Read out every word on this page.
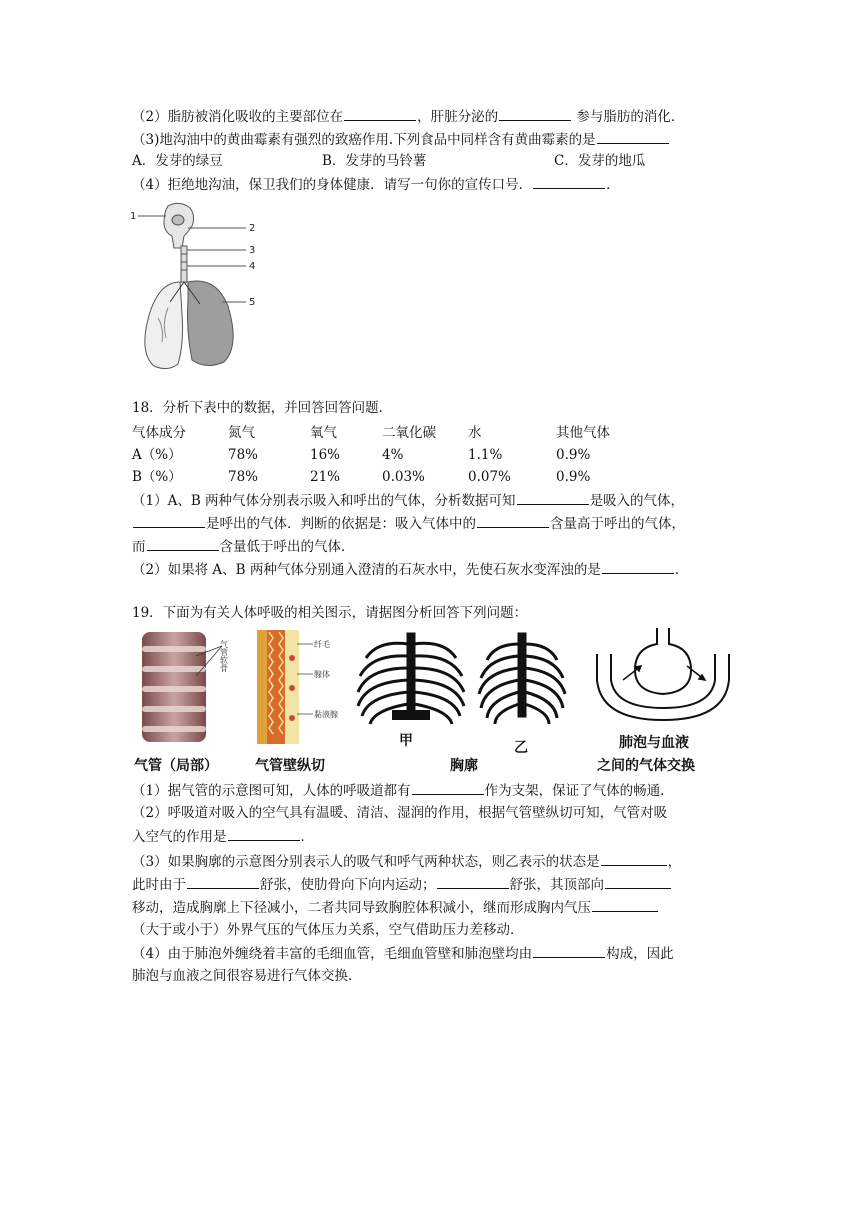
（2）脂肪被消化吸收的主要部位在	，肝脏分泌的	参与脂肪的消化．
（3)地沟油中的黄曲霉素有强烈的致癌作用.下列食品中同样含有黄曲霉素的是
A．发芽的绿豆	B．发芽的马铃薯	C．发芽的地瓜
（4）拒绝地沟油，保卫我们的身体健康．请写一句你的宣传口号．	．
1
2
3
4
5
18．分析下表中的数据，并回答回答问题．
气体成分	氮气	氧气	二氧化碳	水	其他气体
A（%）	78%	16%	4%	1.1%	0.9%
B（%）	78%	21%	0.03%	0.07%	0.9%
（1）A、B 两种气体分别表示吸入和呼出的气体，分析数据可知	是吸入的气体，
是呼出的气体．判断的依据是：吸入气体中的	含量高于呼出的气体，
而	含量低于呼出的气体．
（2）如果将 A、B 两种气体分别通入澄清的石灰水中，先使石灰水变浑浊的是	．
19．下面为有关人体呼吸的相关图示，请据图分析回答下列问题：
气管软骨
气管（局部）
纤毛
腺体
黏液腺
气管壁纵切
甲	乙
胸廓
肺泡与血液
之间的气体交换
（1）据气管的示意图可知，人体的呼吸道都有	作为支架，保证了气体的畅通．
（2）呼吸道对吸入的空气具有温暖、清洁、湿润的作用，根据气管壁纵切可知，气管对吸
入空气的作用是	．
（3）如果胸廓的示意图分别表示人的吸气和呼气两种状态，则乙表示的状态是	，
此时由于	舒张，使肋骨向下向内运动；	舒张，其顶部向
移动，造成胸廓上下径减小，二者共同导致胸腔体积减小，继而形成胸内气压
（大于或小于）外界气压的气体压力关系，空气借助压力差移动．
（4）由于肺泡外缠绕着丰富的毛细血管，毛细血管壁和肺泡壁均由	构成，因此
肺泡与血液之间很容易进行气体交换．
